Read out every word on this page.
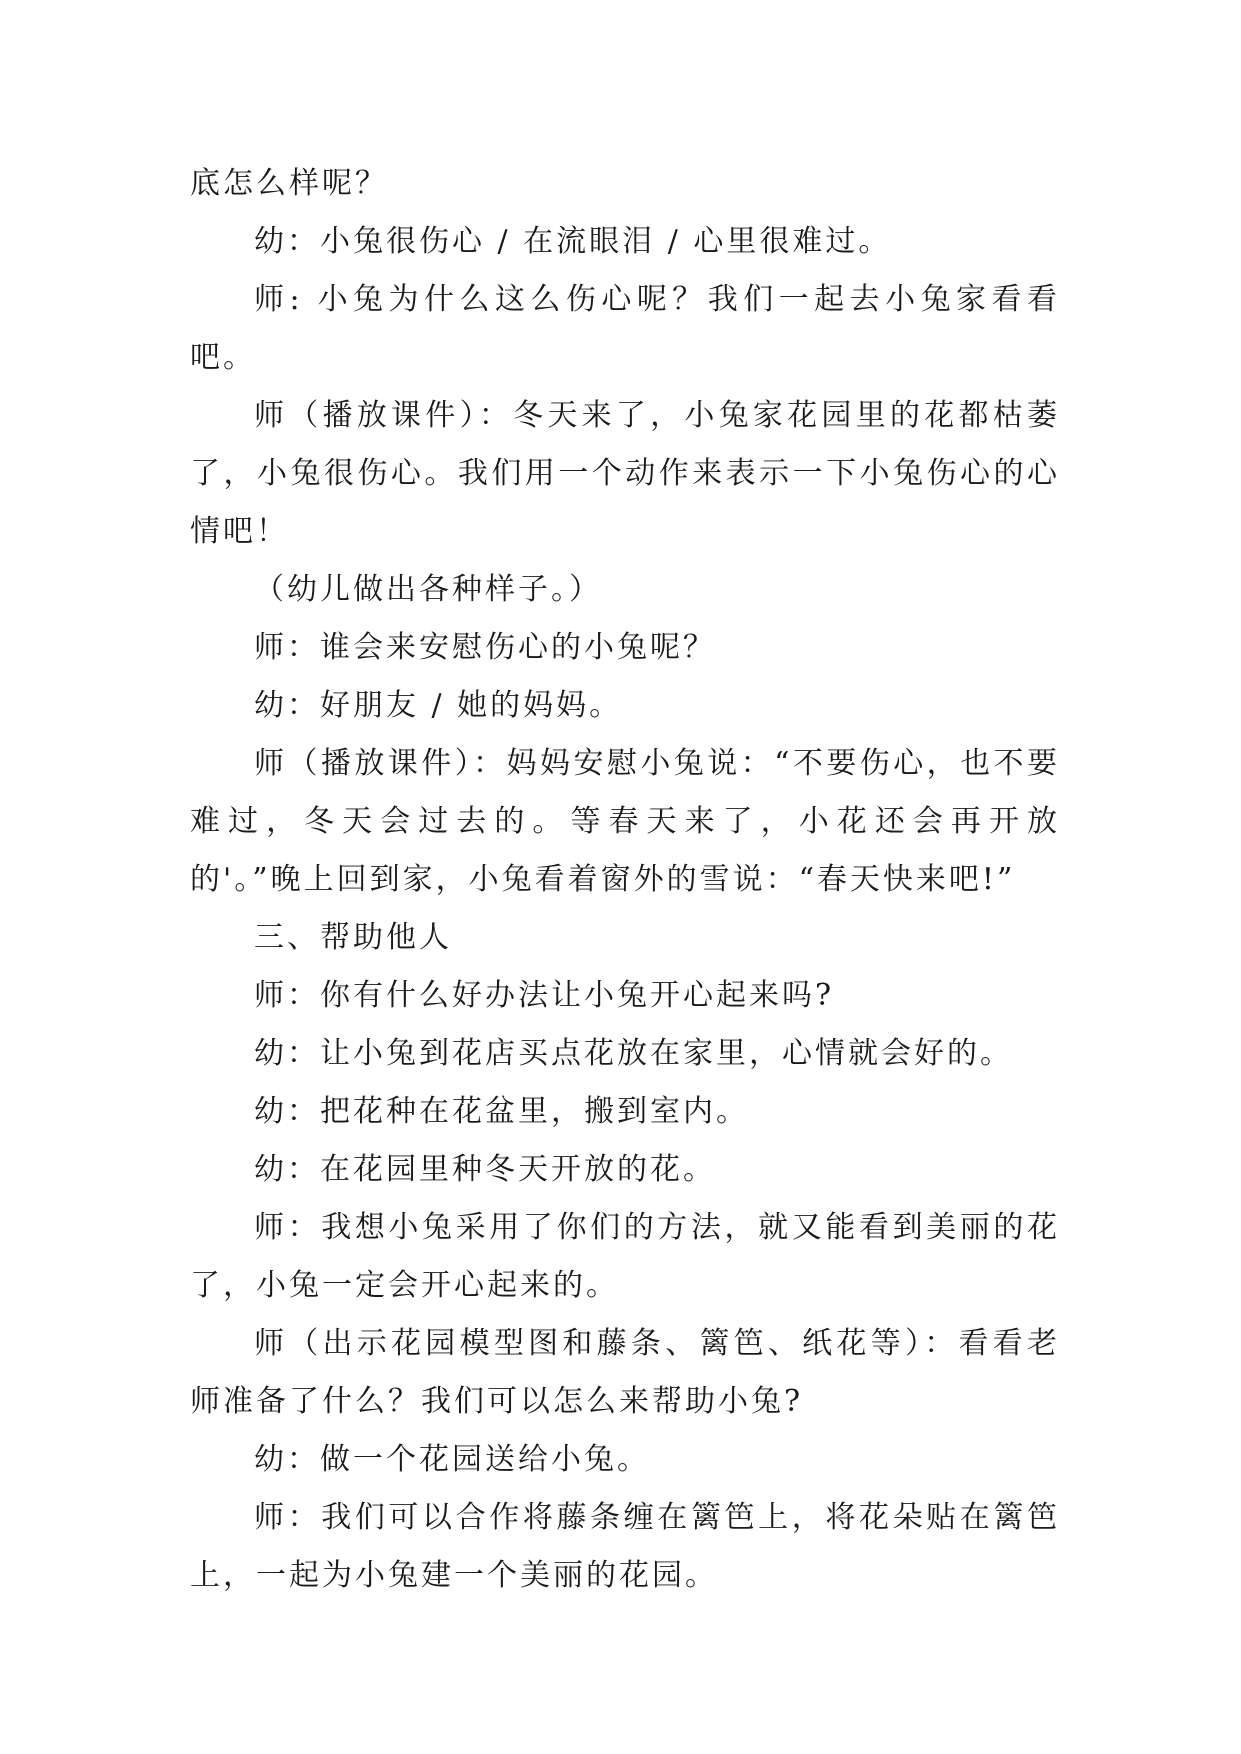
底怎么样呢？

幼：小兔很伤心 / 在流眼泪 / 心里很难过。

师: 小兔为什么这么伤心呢？我们一起去小兔家看看吧。

师（播放课件）：冬天来了，小兔家花园里的花都枯萎了，小兔很伤心。我们用一个动作来表示一下小兔伤心的心情吧！

（幼儿做出各种样子。）

师：谁会来安慰伤心的小兔呢？

幼：好朋友 / 她的妈妈。

师（播放课件）：妈妈安慰小兔说：“不要伤心，也不要难过，冬天会过去的。等春天来了，小花还会再开放的'。”晚上回到家，小兔看着窗外的雪说：“春天快来吧!”

三、帮助他人

师：你有什么好办法让小兔开心起来吗?

幼：让小兔到花店买点花放在家里，心情就会好的。

幼：把花种在花盆里，搬到室内。

幼：在花园里种冬天开放的花。

师：我想小兔采用了你们的方法，就又能看到美丽的花了，小兔一定会开心起来的。

师（出示花园模型图和藤条、篱笆、纸花等）：看看老师准备了什么？我们可以怎么来帮助小兔?

幼：做一个花园送给小兔。

师：我们可以合作将藤条缠在篱笆上，将花朵贴在篱笆上，一起为小兔建一个美丽的花园。
